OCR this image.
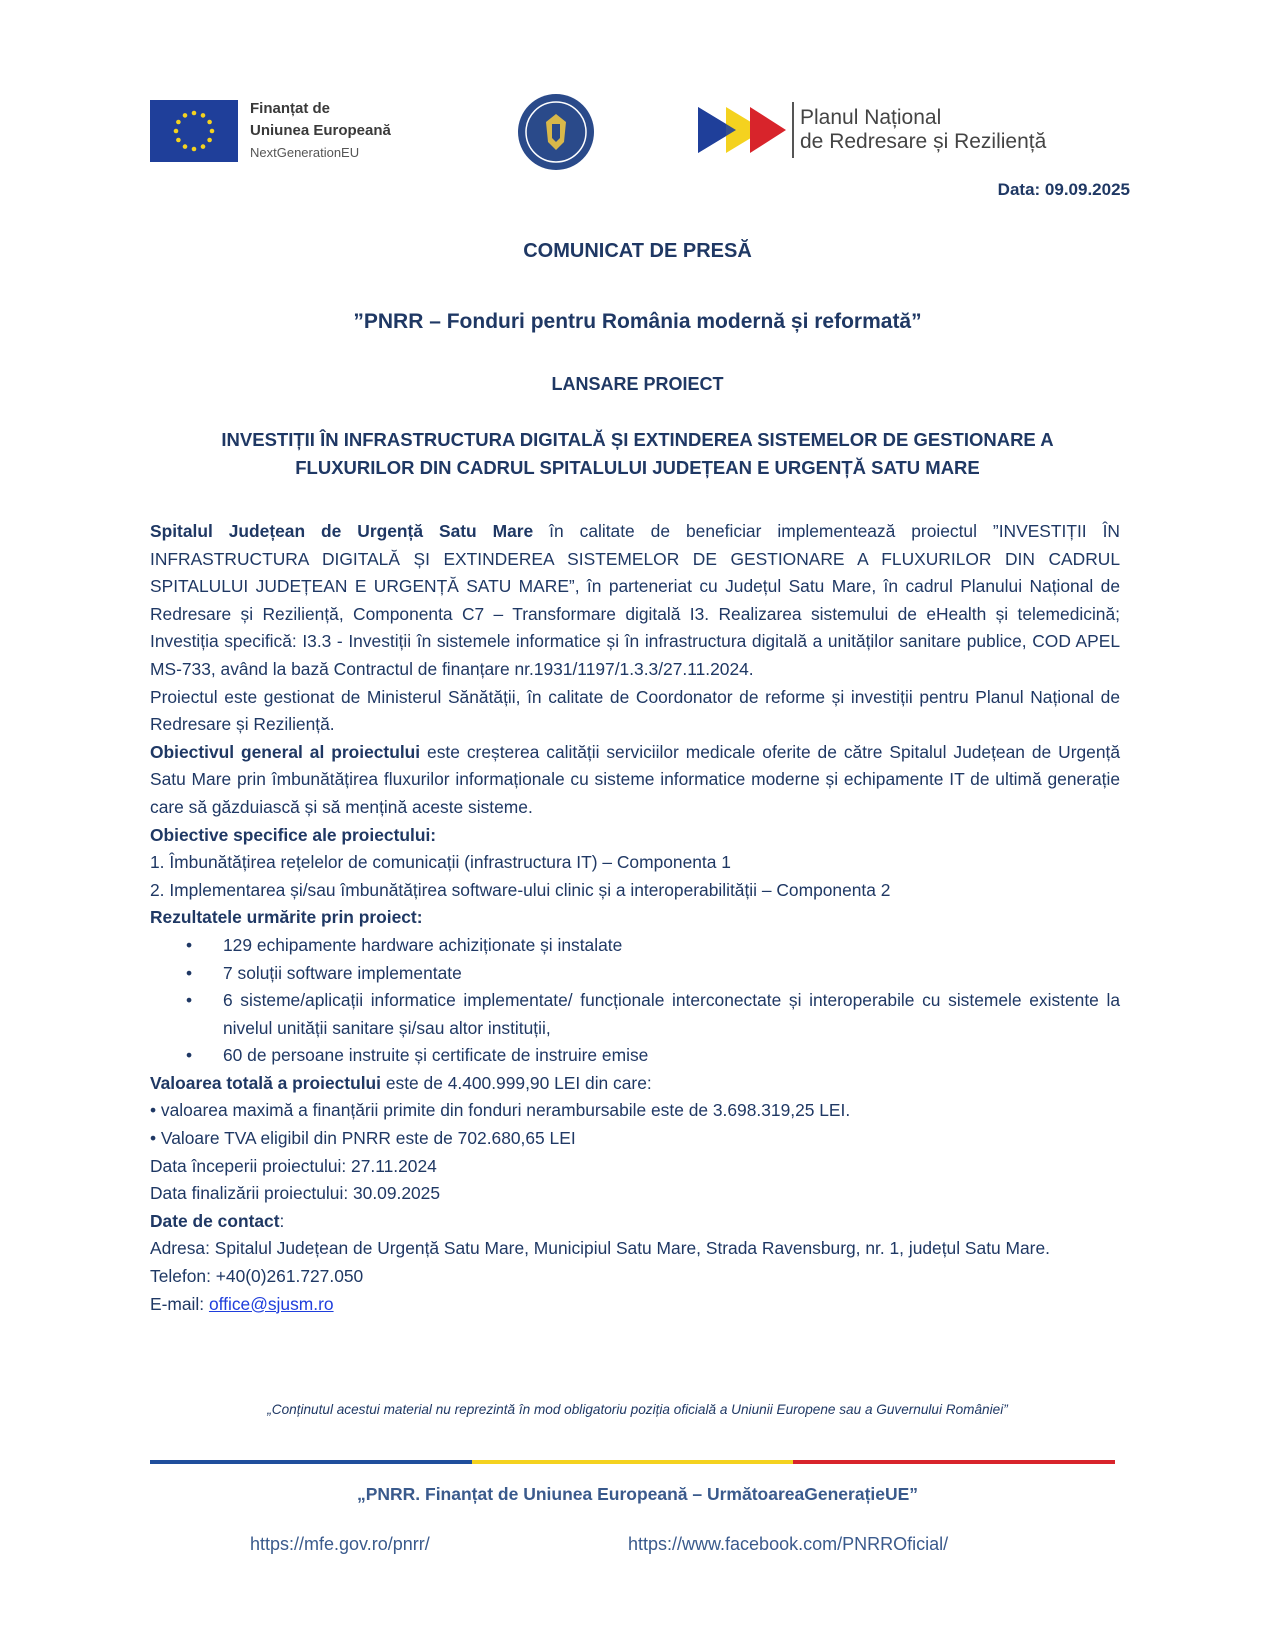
Finanțat de
Uniunea Europeană
NextGenerationEU
Planul Național
de Redresare și Reziliență
Data: 09.09.2025
COMUNICAT DE PRESĂ
”PNRR – Fonduri pentru România modernă și reformată”
LANSARE PROIECT
INVESTIȚII ÎN INFRASTRUCTURA DIGITALĂ ȘI EXTINDEREA SISTEMELOR DE GESTIONARE A
FLUXURILOR DIN CADRUL SPITALULUI JUDEȚEAN E URGENȚĂ SATU MARE

Spitalul Județean de Urgență Satu Mare în calitate de beneficiar implementează proiectul ”INVESTIȚII ÎN INFRASTRUCTURA DIGITALĂ ȘI EXTINDEREA SISTEMELOR DE GESTIONARE A FLUXURILOR DIN CADRUL SPITALULUI JUDEȚEAN E URGENȚĂ SATU MARE”, în parteneriat cu Județul Satu Mare, în cadrul Planului Național de Redresare și Reziliență, Componenta C7 – Transformare digitală I3. Realizarea sistemului de eHealth și telemedicină; Investiția specifică: I3.3 - Investiții în sistemele informatice și în infrastructura digitală a unităților sanitare publice, COD APEL MS-733, având la bază Contractul de finanțare nr.1931/1197/1.3.3/27.11.2024.

Proiectul este gestionat de Ministerul Sănătății, în calitate de Coordonator de reforme și investiții pentru Planul Național de Redresare și Reziliență.

Obiectivul general al proiectului este creșterea calității serviciilor medicale oferite de către Spitalul Județean de Urgență Satu Mare prin îmbunătățirea fluxurilor informaționale cu sisteme informatice moderne și echipamente IT de ultimă generație care să găzduiască și să mențină aceste sisteme.

Obiective specifice ale proiectului:

1. Îmbunătățirea rețelelor de comunicații (infrastructura IT) – Componenta 1

2. Implementarea și/sau îmbunătățirea software-ului clinic și a interoperabilității – Componenta 2

Rezultatele urmărite prin proiect:

• 129 echipamente hardware achiziționate și instalate
• 7 soluții software implementate
• 6 sisteme/aplicații informatice implementate/ funcționale interconectate și interoperabile cu sistemele existente la nivelul unității sanitare și/sau altor instituții,
• 60 de persoane instruite și certificate de instruire emise

Valoarea totală a proiectului este de 4.400.999,90 LEI din care:

• valoarea maximă a finanțării primite din fonduri nerambursabile este de 3.698.319,25 LEI.

• Valoare TVA eligibil din PNRR este de 702.680,65 LEI

Data începerii proiectului: 27.11.2024

Data finalizării proiectului: 30.09.2025

Date de contact:

Adresa: Spitalul Județean de Urgență Satu Mare, Municipiul Satu Mare, Strada Ravensburg, nr. 1, județul Satu Mare.

Telefon: +40(0)261.727.050

E-mail: office@sjusm.ro

„Conținutul acestui material nu reprezintă în mod obligatoriu poziția oficială a Uniunii Europene sau a Guvernului României”
„PNRR. Finanțat de Uniunea Europeană – UrmătoareaGenerațieUE”
https://mfe.gov.ro/pnrr/	https://www.facebook.com/PNRROficial/
